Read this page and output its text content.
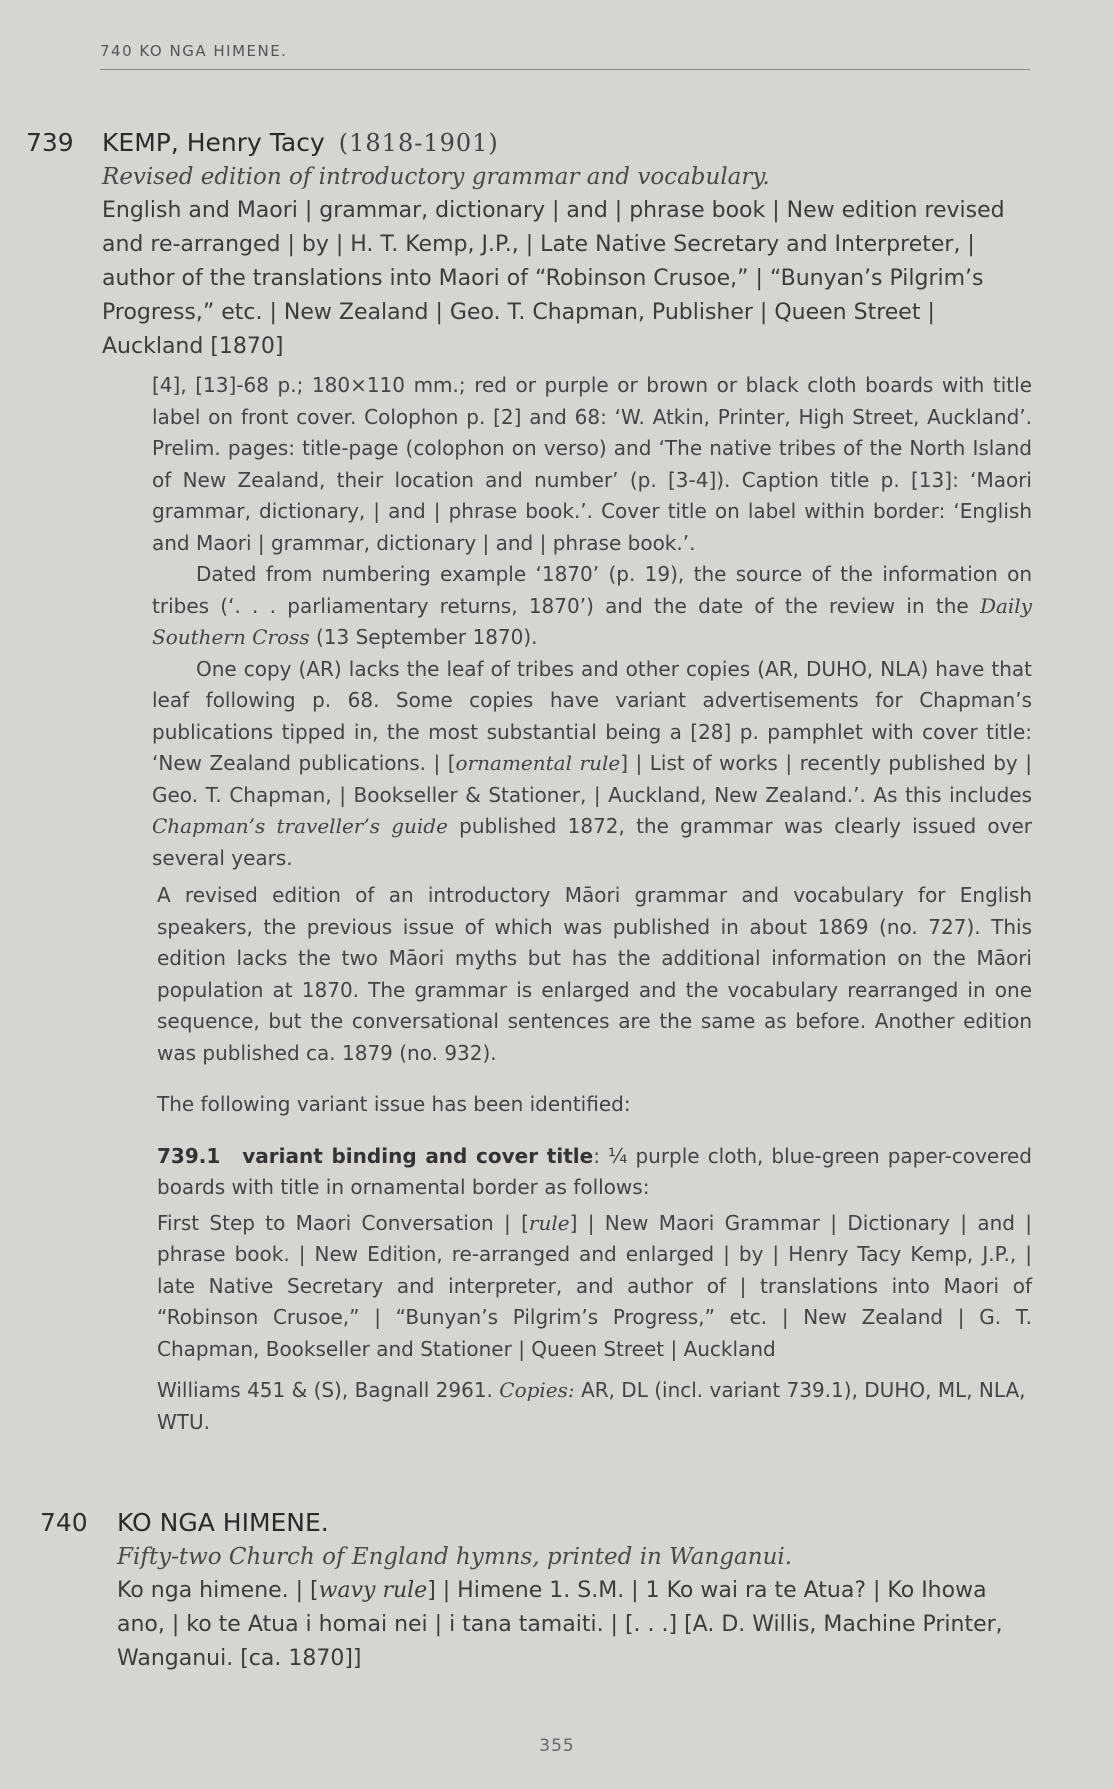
740 KO NGA HIMENE.
739 KEMP, Henry Tacy (1818-1901)
Revised edition of introductory grammar and vocabulary.
English and Maori | grammar, dictionary | and | phrase book | New edition revised and re-arranged | by | H. T. Kemp, J.P., | Late Native Secretary and Interpreter, | author of the translations into Maori of “Robinson Crusoe,” | “Bunyan’s Pilgrim’s Progress,” etc. | New Zealand | Geo. T. Chapman, Publisher | Queen Street | Auckland [1870]

[4], [13]-68 p.; 180×110 mm.; red or purple or brown or black cloth boards with title label on front cover. Colophon p. [2] and 68: ‘W. Atkin, Printer, High Street, Auckland’. Prelim. pages: title-page (colophon on verso) and ‘The native tribes of the North Island of New Zealand, their location and number’ (p. [3-4]). Caption title p. [13]: ‘Maori grammar, dictionary, | and | phrase book.’. Cover title on label within border: ‘English and Maori | grammar, dictionary | and | phrase book.’.

Dated from numbering example ‘1870’ (p. 19), the source of the information on tribes (‘. . . parliamentary returns, 1870’) and the date of the review in the Daily Southern Cross (13 September 1870).

One copy (AR) lacks the leaf of tribes and other copies (AR, DUHO, NLA) have that leaf following p. 68. Some copies have variant advertisements for Chapman’s publications tipped in, the most substantial being a [28] p. pamphlet with cover title: ‘New Zealand publications. | [ornamental rule] | List of works | recently published by | Geo. T. Chapman, | Bookseller & Stationer, | Auckland, New Zealand.’. As this includes Chapman’s traveller’s guide published 1872, the grammar was clearly issued over several years.

A revised edition of an introductory Māori grammar and vocabulary for English speakers, the previous issue of which was published in about 1869 (no. 727). This edition lacks the two Māori myths but has the additional information on the Māori population at 1870. The grammar is enlarged and the vocabulary rearranged in one sequence, but the conversational sentences are the same as before. Another edition was published ca. 1879 (no. 932).

The following variant issue has been identified:

739.1 variant binding and cover title: ¼ purple cloth, blue-green paper-covered boards with title in ornamental border as follows:

First Step to Maori Conversation | [rule] | New Maori Grammar | Dictionary | and | phrase book. | New Edition, re-arranged and enlarged | by | Henry Tacy Kemp, J.P., | late Native Secretary and interpreter, and author of | translations into Maori of “Robinson Crusoe,” | “Bunyan’s Pilgrim’s Progress,” etc. | New Zealand | G. T. Chapman, Bookseller and Stationer | Queen Street | Auckland

Williams 451 & (S), Bagnall 2961. Copies: AR, DL (incl. variant 739.1), DUHO, ML, NLA, WTU.
740 KO NGA HIMENE.
Fifty-two Church of England hymns, printed in Wanganui.
Ko nga himene. | [wavy rule] | Himene 1. S.M. | 1 Ko wai ra te Atua? | Ko Ihowa ano, | ko te Atua i homai nei | i tana tamaiti. | [. . .] [A. D. Willis, Machine Printer, Wanganui. [ca. 1870]]
355
